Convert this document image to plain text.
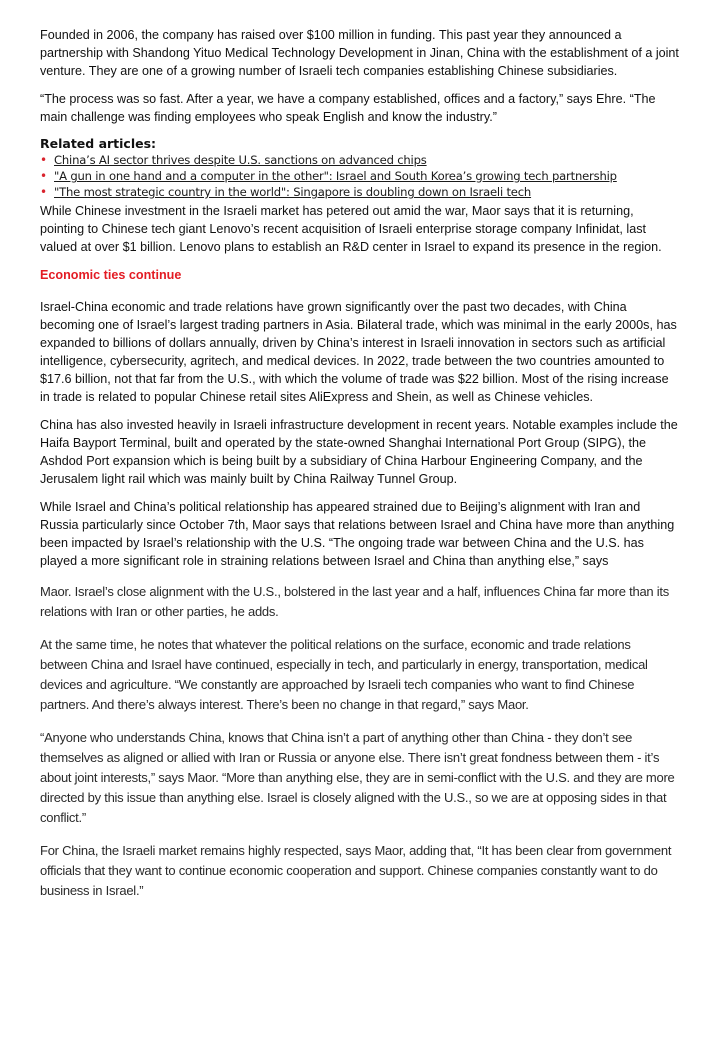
Founded in 2006, the company has raised over $100 million in funding. This past year they announced a partnership with Shandong Yituo Medical Technology Development in Jinan, China with the establishment of a joint venture. They are one of a growing number of Israeli tech companies establishing Chinese subsidiaries.

“The process was so fast. After a year, we have a company established, offices and a factory,” says Ehre. “The main challenge was finding employees who speak English and know the industry.”

Related articles:
• China’s AI sector thrives despite U.S. sanctions on advanced chips
• "A gun in one hand and a computer in the other": Israel and South Korea’s growing tech partnership
• "The most strategic country in the world": Singapore is doubling down on Israeli tech

While Chinese investment in the Israeli market has petered out amid the war, Maor says that it is returning, pointing to Chinese tech giant Lenovo’s recent acquisition of Israeli enterprise storage company Infinidat, last valued at over $1 billion. Lenovo plans to establish an R&D center in Israel to expand its presence in the region.

Economic ties continue

Israel-China economic and trade relations have grown significantly over the past two decades, with China becoming one of Israel’s largest trading partners in Asia. Bilateral trade, which was minimal in the early 2000s, has expanded to billions of dollars annually, driven by China’s interest in Israeli innovation in sectors such as artificial intelligence, cybersecurity, agritech, and medical devices. In 2022, trade between the two countries amounted to $17.6 billion, not that far from the U.S., with which the volume of trade was $22 billion. Most of the rising increase in trade is related to popular Chinese retail sites AliExpress and Shein, as well as Chinese vehicles.

China has also invested heavily in Israeli infrastructure development in recent years. Notable examples include the Haifa Bayport Terminal, built and operated by the state-owned Shanghai International Port Group (SIPG), the Ashdod Port expansion which is being built by a subsidiary of China Harbour Engineering Company, and the Jerusalem light rail which was mainly built by China Railway Tunnel Group.

While Israel and China’s political relationship has appeared strained due to Beijing’s alignment with Iran and Russia particularly since October 7th, Maor says that relations between Israel and China have more than anything been impacted by Israel’s relationship with the U.S. “The ongoing trade war between China and the U.S. has played a more significant role in straining relations between Israel and China than anything else,” says

Maor. Israel’s close alignment with the U.S., bolstered in the last year and a half, influences China far more than its relations with Iran or other parties, he adds.

At the same time, he notes that whatever the political relations on the surface, economic and trade relations between China and Israel have continued, especially in tech, and particularly in energy, transportation, medical devices and agriculture. “We constantly are approached by Israeli tech companies who want to find Chinese partners. And there’s always interest. There’s been no change in that regard,” says Maor.

“Anyone who understands China, knows that China isn’t a part of anything other than China - they don’t see themselves as aligned or allied with Iran or Russia or anyone else. There isn’t great fondness between them - it’s about joint interests,” says Maor. “More than anything else, they are in semi-conflict with the U.S. and they are more directed by this issue than anything else. Israel is closely aligned with the U.S., so we are at opposing sides in that conflict.”

For China, the Israeli market remains highly respected, says Maor, adding that, “It has been clear from government officials that they want to continue economic cooperation and support. Chinese companies constantly want to do business in Israel.”
